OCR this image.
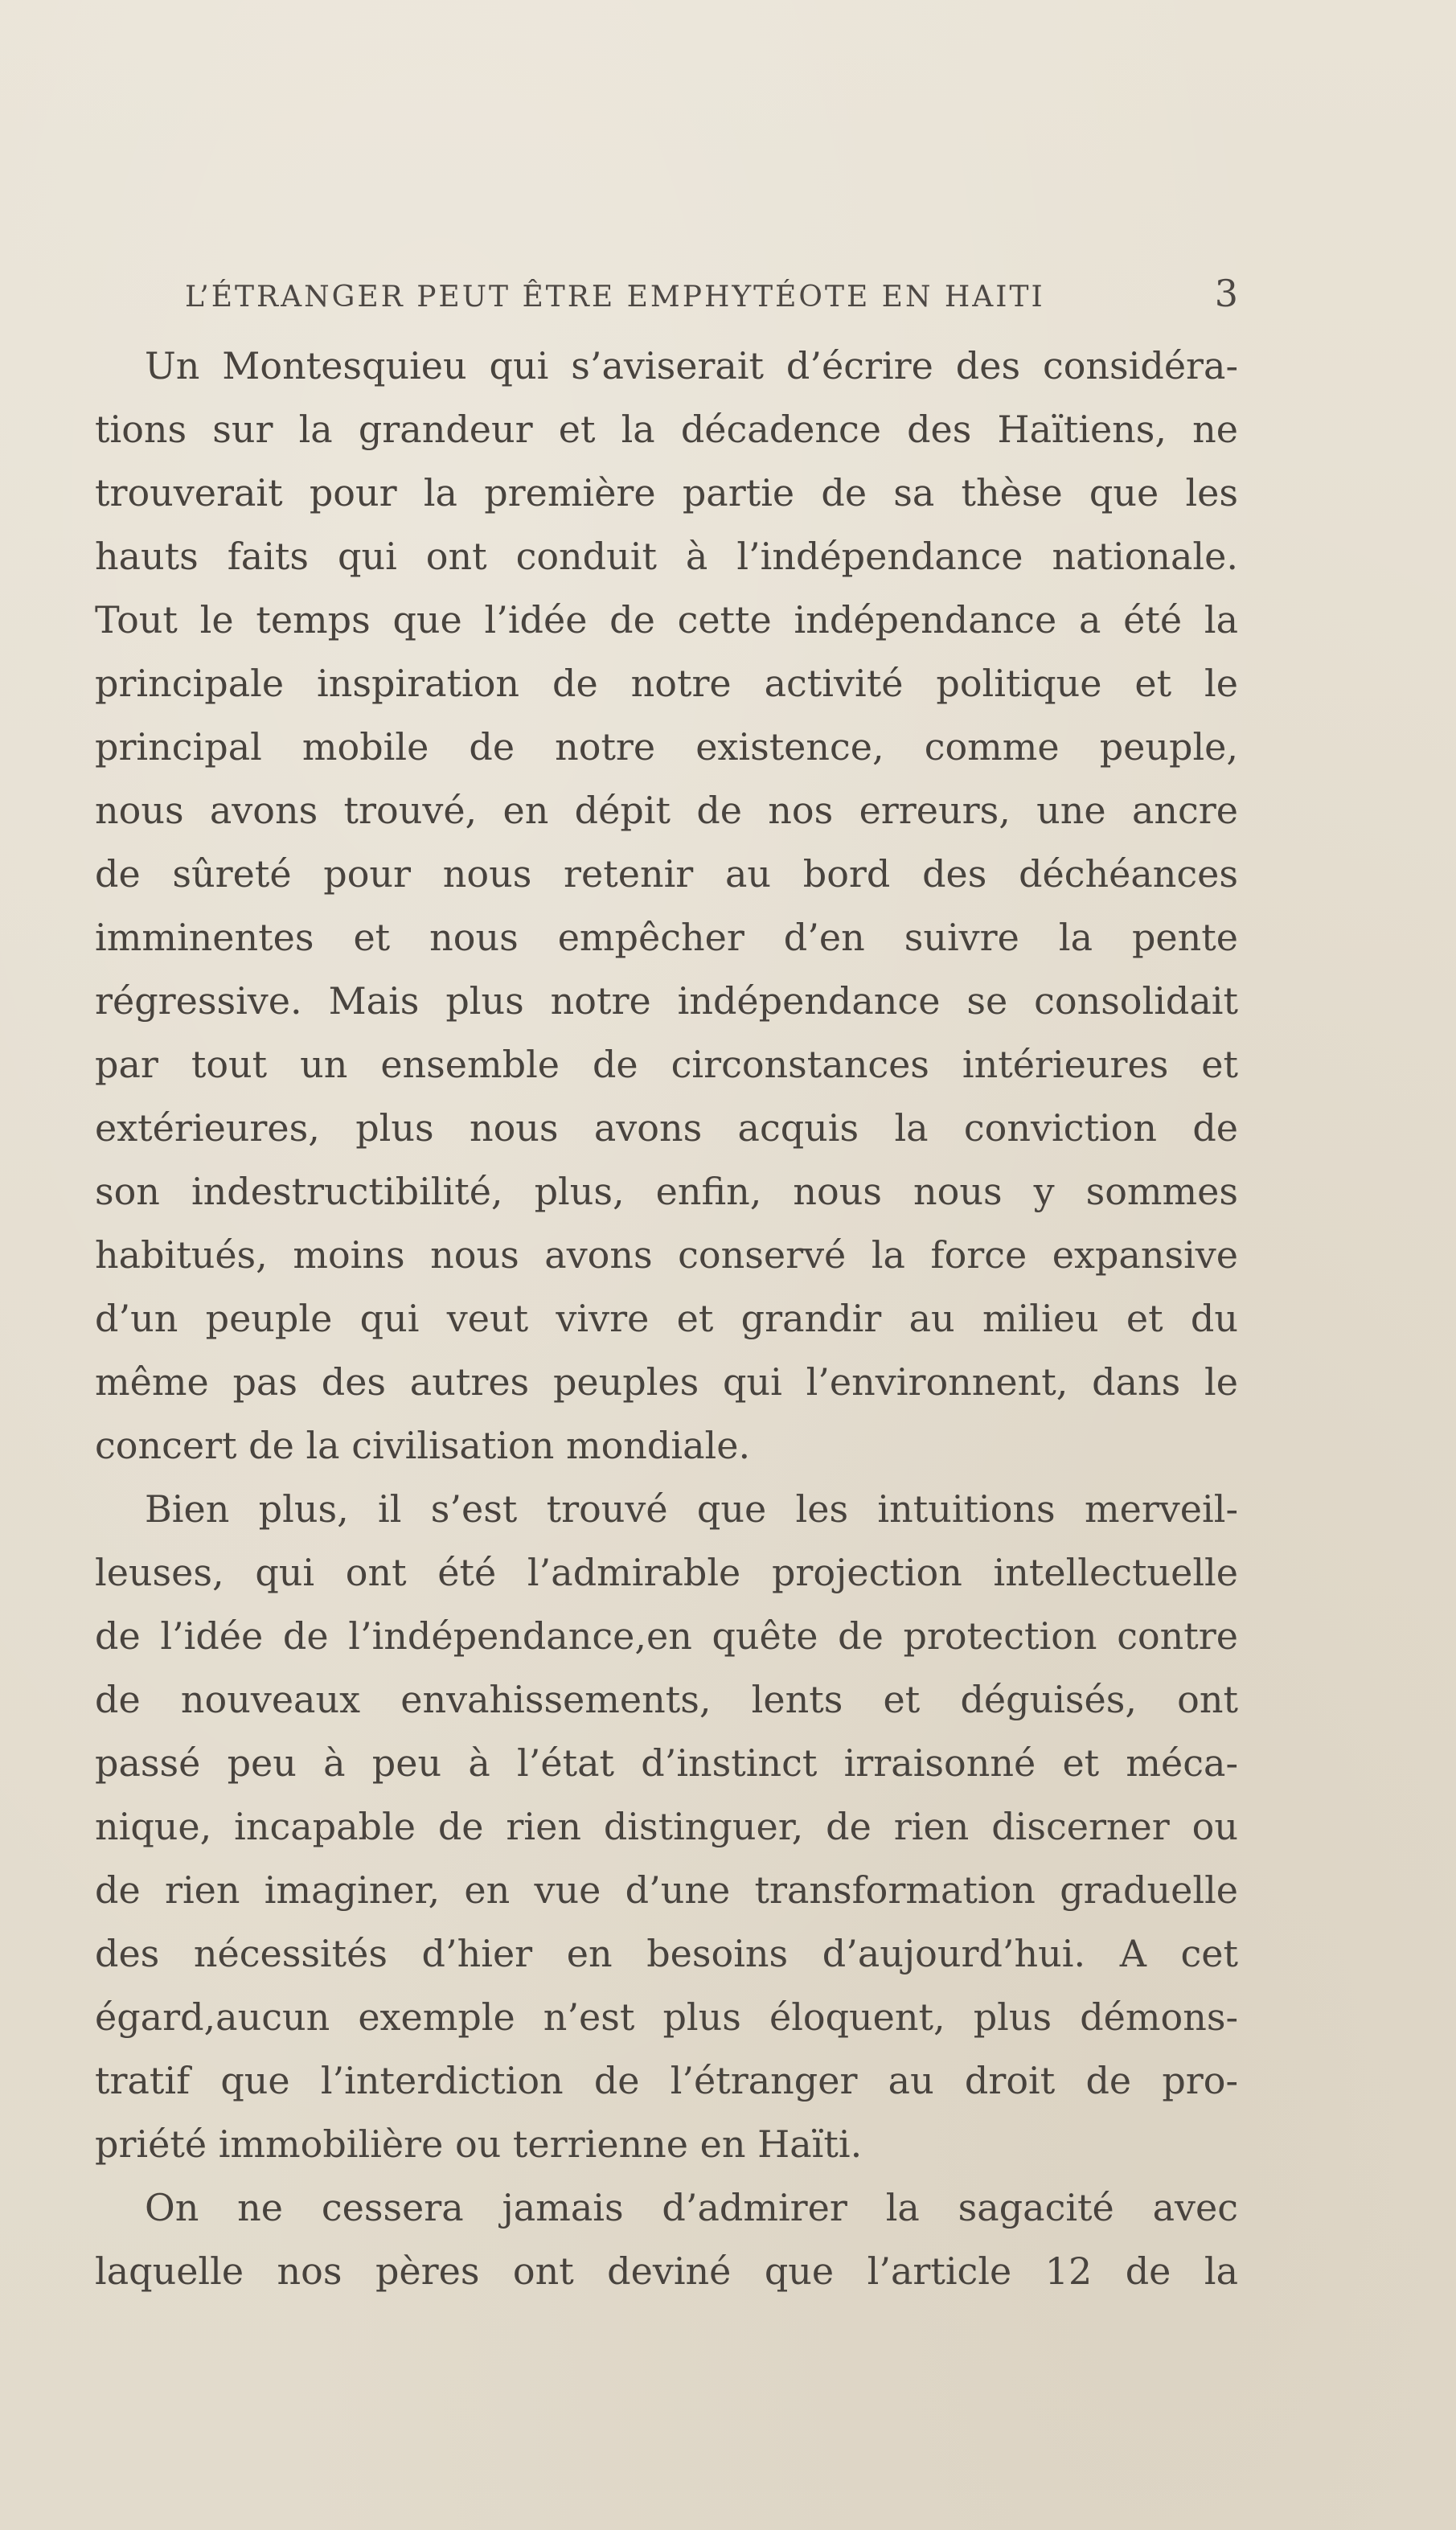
L’ÉTRANGER PEUT ÊTRE EMPHYTÉOTE EN HAITI	3
Un Montesquieu qui s’aviserait d’écrire des considéra-
tions sur la grandeur et la décadence des Haïtiens, ne
trouverait pour la première partie de sa thèse que les
hauts faits qui ont conduit à l’indépendance nationale.
Tout le temps que l’idée de cette indépendance a été la
principale inspiration de notre activité politique et le
principal mobile de notre existence, comme peuple,
nous avons trouvé, en dépit de nos erreurs, une ancre
de sûreté pour nous retenir au bord des déchéances
imminentes et nous empêcher d’en suivre la pente
régressive. Mais plus notre indépendance se consolidait
par tout un ensemble de circonstances intérieures et
extérieures, plus nous avons acquis la conviction de
son indestructibilité, plus, enfin, nous nous y sommes
habitués, moins nous avons conservé la force expansive
d’un peuple qui veut vivre et grandir au milieu et du
même pas des autres peuples qui l’environnent, dans le
concert de la civilisation mondiale.
Bien plus, il s’est trouvé que les intuitions merveil-
leuses, qui ont été l’admirable projection intellectuelle
de l’idée de l’indépendance,en quête de protection contre
de nouveaux envahissements, lents et déguisés, ont
passé peu à peu à l’état d’instinct irraisonné et méca-
nique, incapable de rien distinguer, de rien discerner ou
de rien imaginer, en vue d’une transformation graduelle
des nécessités d’hier en besoins d’aujourd’hui. A cet
égard,aucun exemple n’est plus éloquent, plus démons-
tratif que l’interdiction de l’étranger au droit de pro-
priété immobilière ou terrienne en Haïti.
On ne cessera jamais d’admirer la sagacité avec
laquelle nos pères ont deviné que l’article 12 de la
